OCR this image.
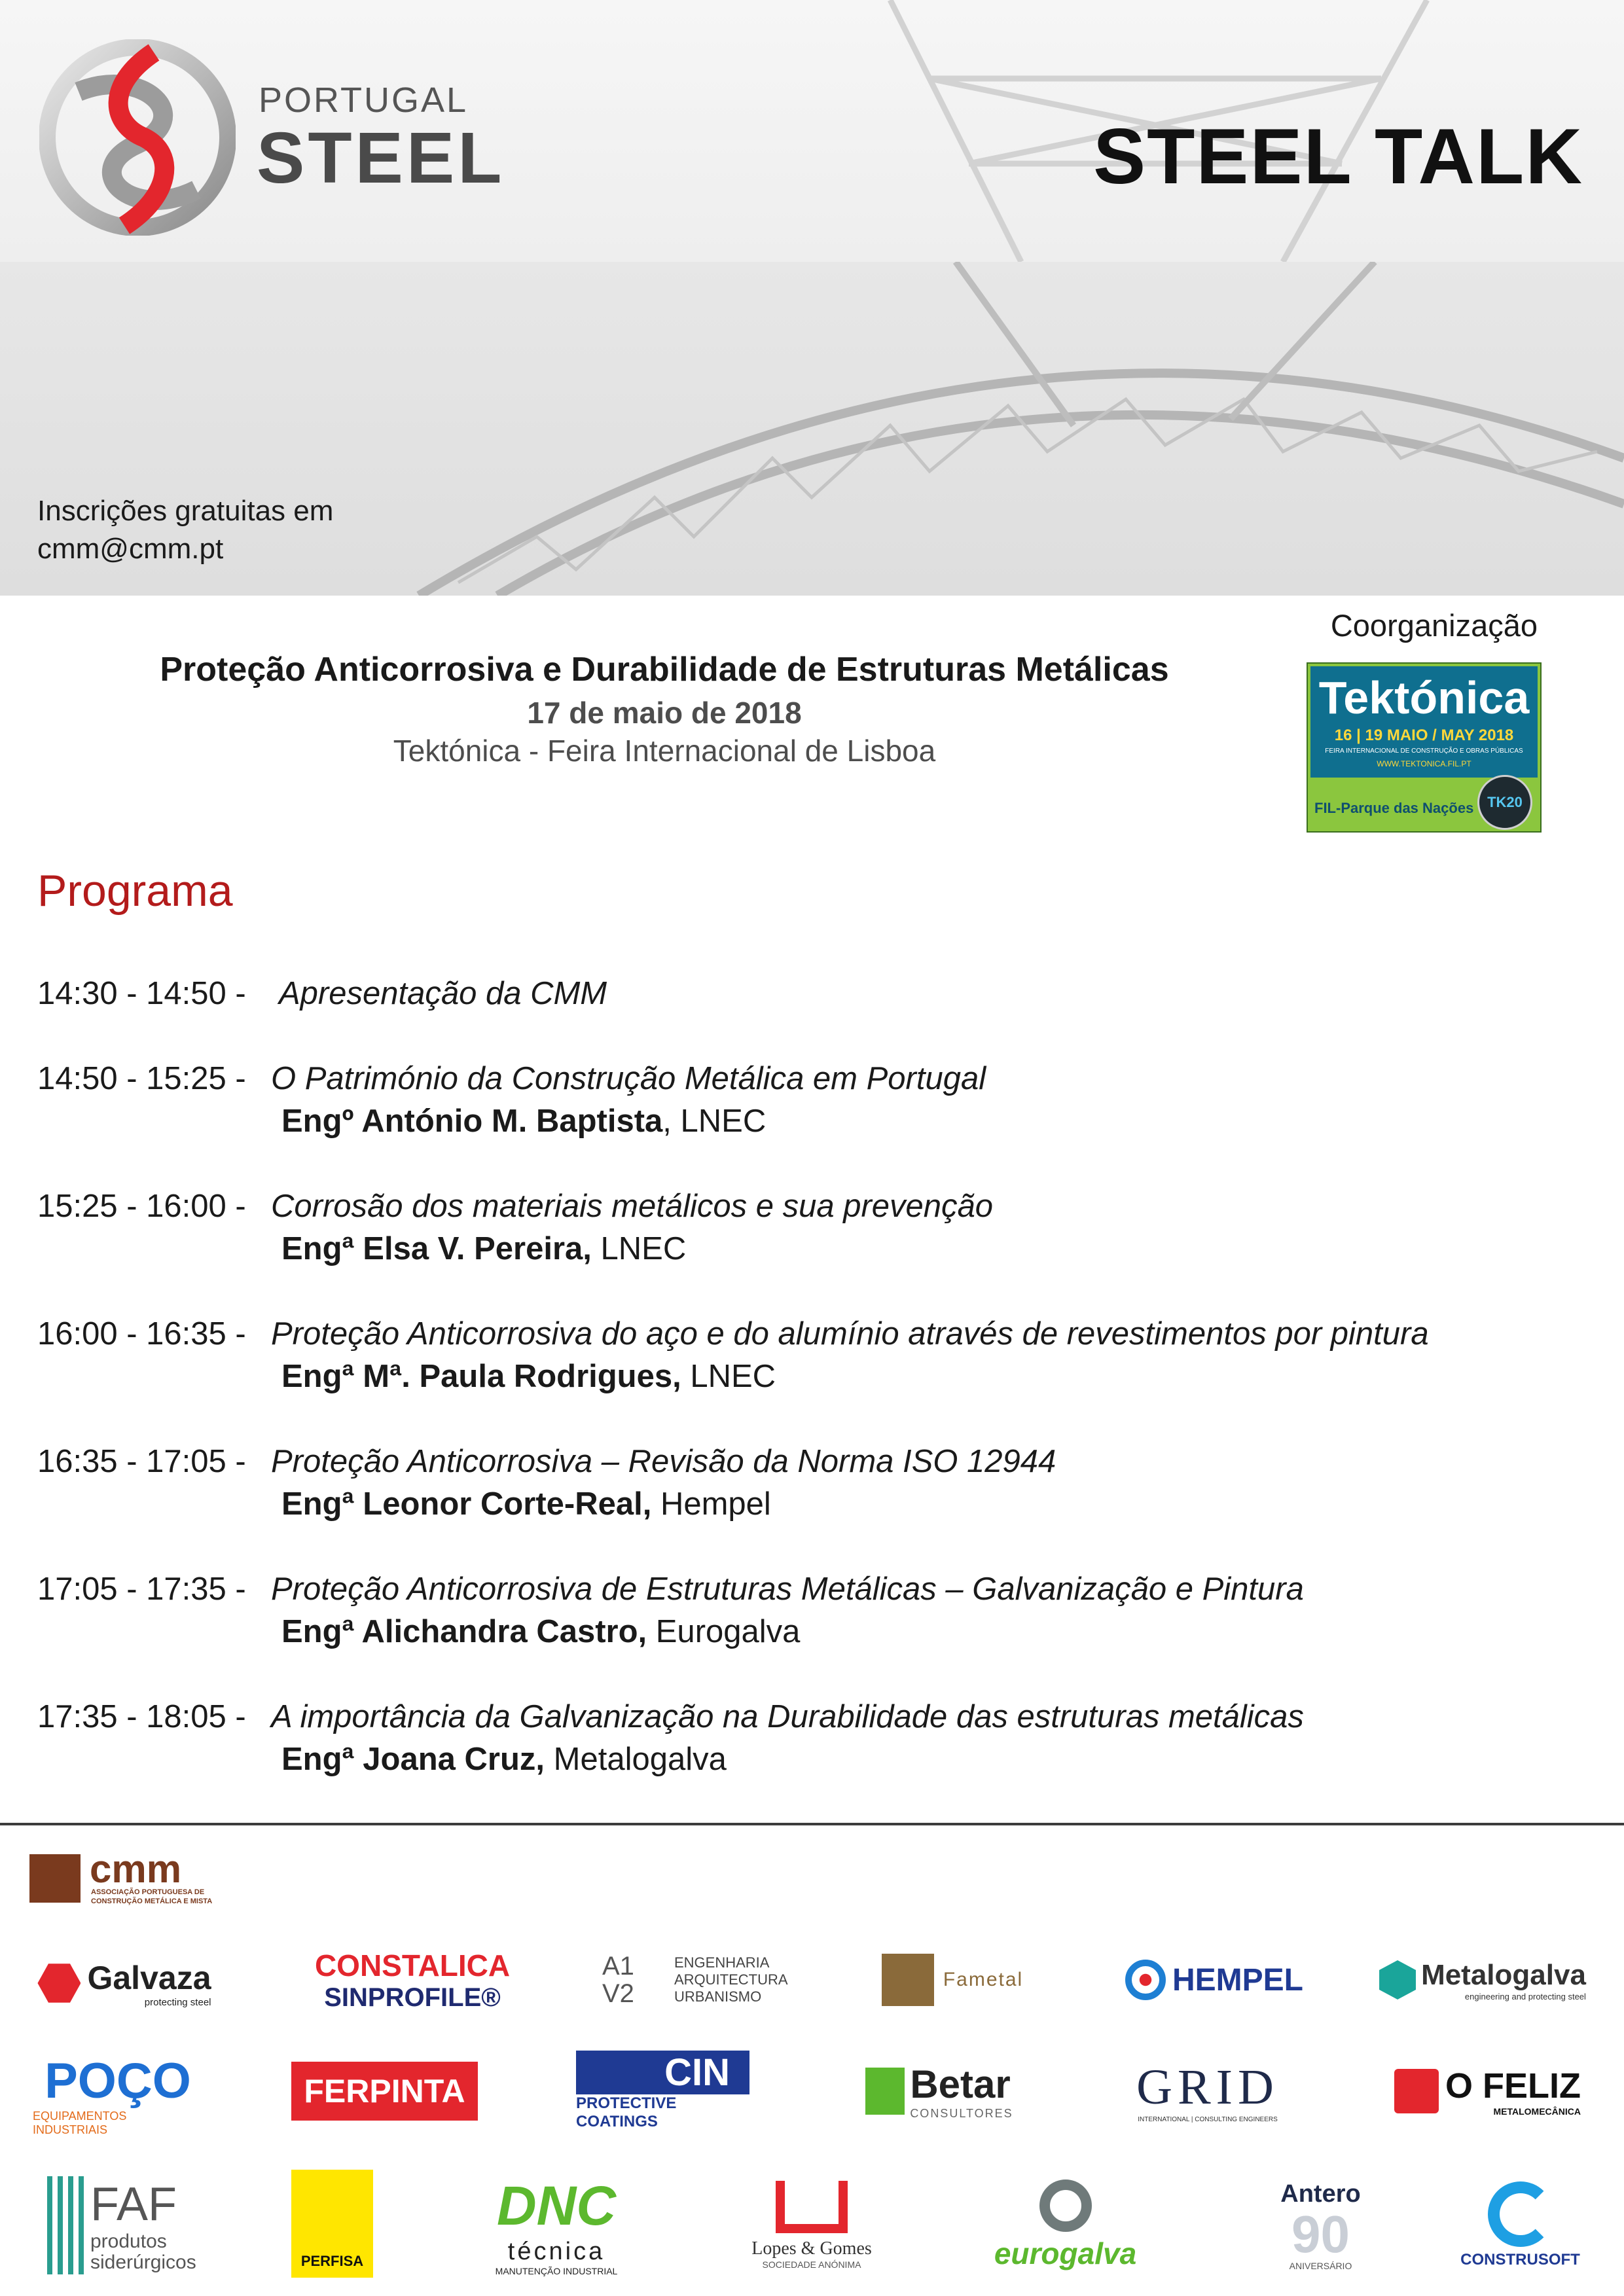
PORTUGAL
STEEL	STEEL TALK
Inscrições gratuitas em
cmm@cmm.pt
Coorganização
Tektónica
16 | 19 MAIO / MAY 2018
FEIRA INTERNACIONAL DE CONSTRUÇÃO E OBRAS PÚBLICAS
WWW.TEKTONICA.FIL.PT
FIL-Parque das Nações TK20
Proteção Anticorrosiva e Durabilidade de Estruturas Metálicas
17 de maio de 2018
Tektónica - Feira Internacional de Lisboa
Programa
14:30 - 14:50 - Apresentação da CMM
14:50 - 15:25 - O Património da Construção Metálica em Portugal
Engº António M. Baptista, LNEC
15:25 - 16:00 - Corrosão dos materiais metálicos e sua prevenção
Engª Elsa V. Pereira, LNEC
16:00 - 16:35 - Proteção Anticorrosiva do aço e do alumínio através de revestimentos por pintura
Engª Mª. Paula Rodrigues, LNEC
16:35 - 17:05 - Proteção Anticorrosiva – Revisão da Norma ISO 12944
Engª Leonor Corte-Real, Hempel
17:05 - 17:35 - Proteção Anticorrosiva de Estruturas Metálicas – Galvanização e Pintura
Engª Alichandra Castro, Eurogalva
17:35 - 18:05 - A importância da Galvanização na Durabilidade das estruturas metálicas
Engª Joana Cruz, Metalogalva
cmm
ASSOCIAÇÃO PORTUGUESA DE
CONSTRUÇÃO METÁLICA E MISTA
Galvaza
protecting steel
CONSTALICA
SINPROFILE®
A1 V2
ENGENHARIA ARQUITECTURA URBANISMO
Fametal	HEMPEL	Metalogalva
engineering and protecting steel
POÇO
EQUIPAMENTOS INDUSTRIAIS
FERPINTA	CIN
PROTECTIVE COATINGS
Betar
CONSULTORES GRID
INTERNATIONAL | CONSULTING ENGINEERS
O FELIZ
METALOMECÂNICA
FAF
produtos siderúrgicos	PERFISA
DNC
técnica
MANUTENÇÃO INDUSTRIAL
Lopes & Gomes
SOCIEDADE ANÓNIMA	eurogalva
Antero
90
ANIVERSÁRIO	CONSTRUSOFT
